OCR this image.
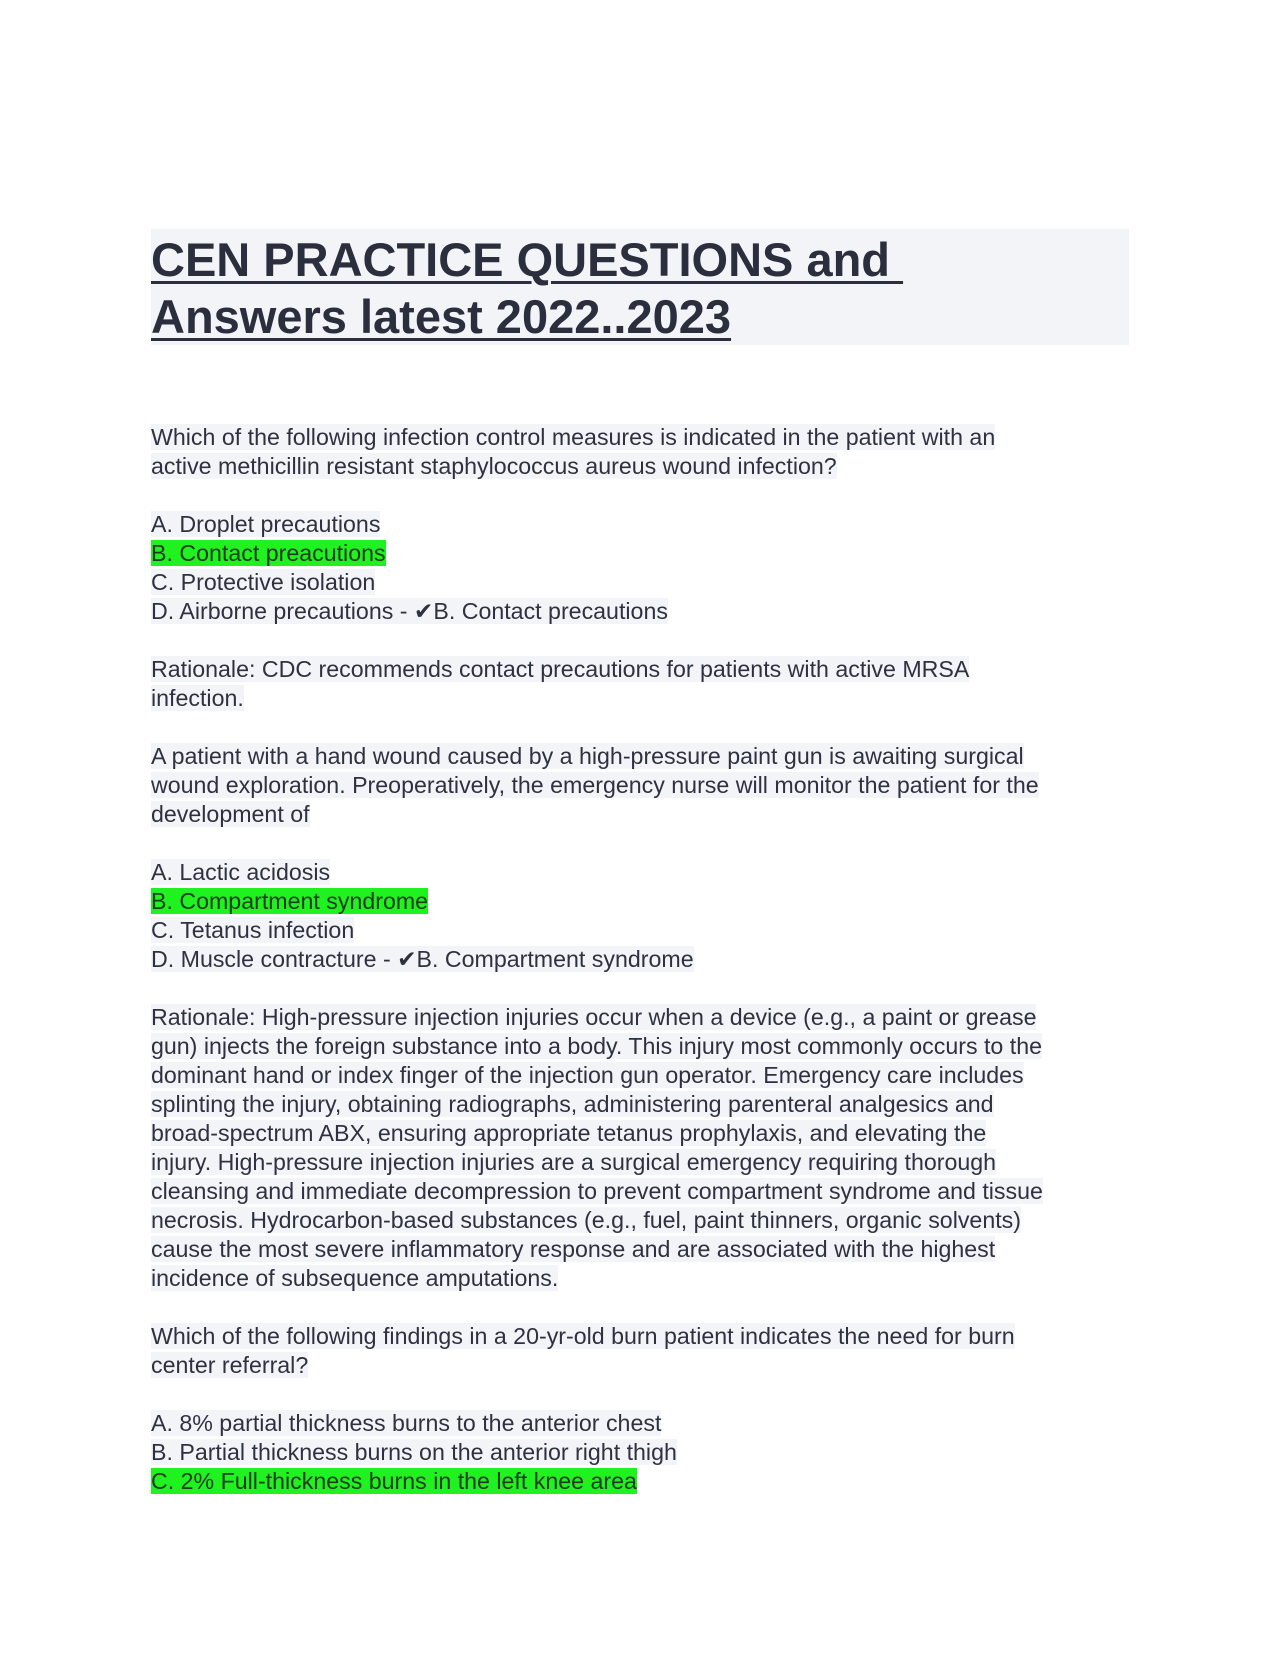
CEN PRACTICE QUESTIONS and
Answers latest 2022..2023
Which of the following infection control measures is indicated in the patient with an
active methicillin resistant staphylococcus aureus wound infection?
A. Droplet precautions
B. Contact preacutions
C. Protective isolation
D. Airborne precautions - ✔B. Contact precautions
Rationale: CDC recommends contact precautions for patients with active MRSA
infection.
A patient with a hand wound caused by a high-pressure paint gun is awaiting surgical
wound exploration. Preoperatively, the emergency nurse will monitor the patient for the
development of
A. Lactic acidosis
B. Compartment syndrome
C. Tetanus infection
D. Muscle contracture - ✔B. Compartment syndrome
Rationale: High-pressure injection injuries occur when a device (e.g., a paint or grease
gun) injects the foreign substance into a body. This injury most commonly occurs to the
dominant hand or index finger of the injection gun operator. Emergency care includes
splinting the injury, obtaining radiographs, administering parenteral analgesics and
broad-spectrum ABX, ensuring appropriate tetanus prophylaxis, and elevating the
injury. High-pressure injection injuries are a surgical emergency requiring thorough
cleansing and immediate decompression to prevent compartment syndrome and tissue
necrosis. Hydrocarbon-based substances (e.g., fuel, paint thinners, organic solvents)
cause the most severe inflammatory response and are associated with the highest
incidence of subsequence amputations.
Which of the following findings in a 20-yr-old burn patient indicates the need for burn
center referral?
A. 8% partial thickness burns to the anterior chest
B. Partial thickness burns on the anterior right thigh
C. 2% Full-thickness burns in the left knee area
